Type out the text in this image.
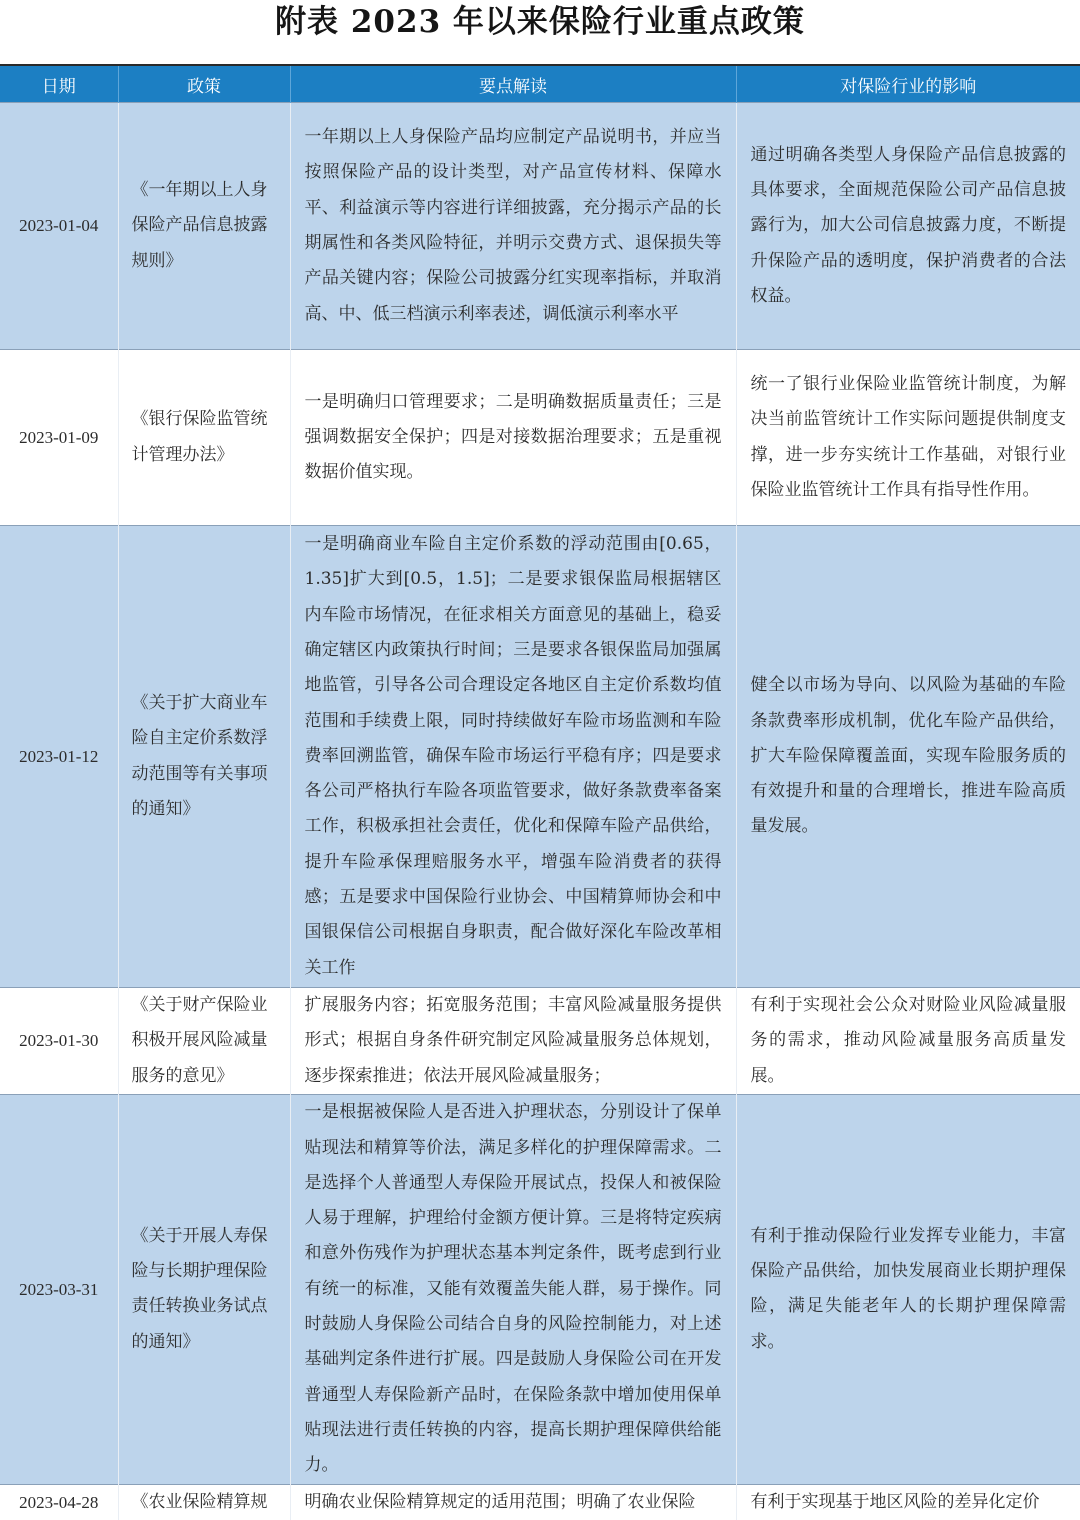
附表 2023 年以来保险行业重点政策
日期	政策	要点解读	对保险行业的影响
2023-01-04	《一年期以上人身保险产品信息披露规则》	一年期以上人身保险产品均应制定产品说明书，并应当按照保险产品的设计类型，对产品宣传材料、保障水平、利益演示等内容进行详细披露，充分揭示产品的长期属性和各类风险特征，并明示交费方式、退保损失等产品关键内容；保险公司披露分红实现率指标，并取消高、中、低三档演示利率表述，调低演示利率水平	通过明确各类型人身保险产品信息披露的具体要求，全面规范保险公司产品信息披露行为，加大公司信息披露力度，不断提升保险产品的透明度，保护消费者的合法权益。
2023-01-09	《银行保险监管统计管理办法》	一是明确归口管理要求；二是明确数据质量责任；三是强调数据安全保护；四是对接数据治理要求；五是重视数据价值实现。	统一了银行业保险业监管统计制度，为解决当前监管统计工作实际问题提供制度支撑，进一步夯实统计工作基础，对银行业保险业监管统计工作具有指导性作用。
2023-01-12	《关于扩大商业车险自主定价系数浮动范围等有关事项的通知》	一是明确商业车险自主定价系数的浮动范围由[0.65，1.35]扩大到[0.5，1.5]；二是要求银保监局根据辖区内车险市场情况，在征求相关方面意见的基础上，稳妥确定辖区内政策执行时间；三是要求各银保监局加强属地监管，引导各公司合理设定各地区自主定价系数均值范围和手续费上限，同时持续做好车险市场监测和车险费率回溯监管，确保车险市场运行平稳有序；四是要求各公司严格执行车险各项监管要求，做好条款费率备案工作，积极承担社会责任，优化和保障车险产品供给，提升车险承保理赔服务水平，增强车险消费者的获得感；五是要求中国保险行业协会、中国精算师协会和中国银保信公司根据自身职责，配合做好深化车险改革相关工作	健全以市场为导向、以风险为基础的车险条款费率形成机制，优化车险产品供给，扩大车险保障覆盖面，实现车险服务质的有效提升和量的合理增长，推进车险高质量发展。
2023-01-30	《关于财产保险业积极开展风险减量服务的意见》	扩展服务内容；拓宽服务范围；丰富风险减量服务提供形式；根据自身条件研究制定风险减量服务总体规划，逐步探索推进；依法开展风险减量服务；	有利于实现社会公众对财险业风险减量服务的需求，推动风险减量服务高质量发展。
2023-03-31	《关于开展人寿保险与长期护理保险责任转换业务试点的通知》	一是根据被保险人是否进入护理状态，分别设计了保单贴现法和精算等价法，满足多样化的护理保障需求。二是选择个人普通型人寿保险开展试点，投保人和被保险人易于理解，护理给付金额方便计算。三是将特定疾病和意外伤残作为护理状态基本判定条件，既考虑到行业有统一的标准，又能有效覆盖失能人群，易于操作。同时鼓励人身保险公司结合自身的风险控制能力，对上述基础判定条件进行扩展。四是鼓励人身保险公司在开发普通型人寿保险新产品时，在保险条款中增加使用保单贴现法进行责任转换的内容，提高长期护理保障供给能力。	有利于推动保险行业发挥专业能力，丰富保险产品供给，加快发展商业长期护理保险，满足失能老年人的长期护理保障需求。
2023-04-28	《农业保险精算规	明确农业保险精算规定的适用范围；明确了农业保险	有利于实现基于地区风险的差异化定价
